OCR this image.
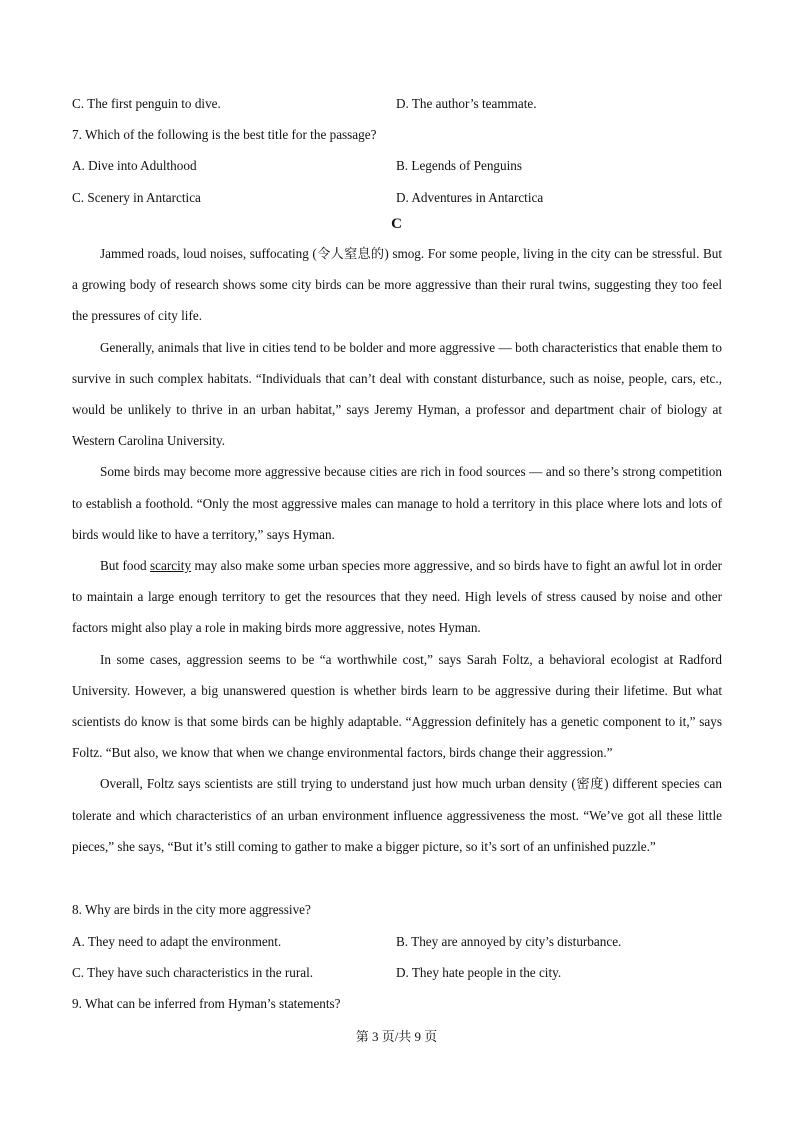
C. The first penguin to dive.	D. The author’s teammate.
7. Which of the following is the best title for the passage?
A. Dive into Adulthood	B. Legends of Penguins
C. Scenery in Antarctica	D. Adventures in Antarctica
C

Jammed roads, loud noises, suffocating (令人窒息的) smog. For some people, living in the city can be stressful. But a growing body of research shows some city birds can be more aggressive than their rural twins, suggesting they too feel the pressures of city life.

Generally, animals that live in cities tend to be bolder and more aggressive — both characteristics that enable them to survive in such complex habitats. “Individuals that can’t deal with constant disturbance, such as noise, people, cars, etc., would be unlikely to thrive in an urban habitat,” says Jeremy Hyman, a professor and department chair of biology at Western Carolina University.

Some birds may become more aggressive because cities are rich in food sources — and so there’s strong competition to establish a foothold. “Only the most aggressive males can manage to hold a territory in this place where lots and lots of birds would like to have a territory,” says Hyman.

But food scarcity may also make some urban species more aggressive, and so birds have to fight an awful lot in order to maintain a large enough territory to get the resources that they need. High levels of stress caused by noise and other factors might also play a role in making birds more aggressive, notes Hyman.

In some cases, aggression seems to be “a worthwhile cost,” says Sarah Foltz, a behavioral ecologist at Radford University. However, a big unanswered question is whether birds learn to be aggressive during their lifetime. But what scientists do know is that some birds can be highly adaptable. “Aggression definitely has a genetic component to it,” says Foltz. “But also, we know that when we change environmental factors, birds change their aggression.”

Overall, Foltz says scientists are still trying to understand just how much urban density (密度) different species can tolerate and which characteristics of an urban environment influence aggressiveness the most. “We’ve got all these little pieces,” she says, “But it’s still coming to gather to make a bigger picture, so it’s sort of an unfinished puzzle.”

8. Why are birds in the city more aggressive?
A. They need to adapt the environment.	B. They are annoyed by city’s disturbance.
C. They have such characteristics in the rural.	D. They hate people in the city.
9. What can be inferred from Hyman’s statements?
第 3 页/共 9 页
